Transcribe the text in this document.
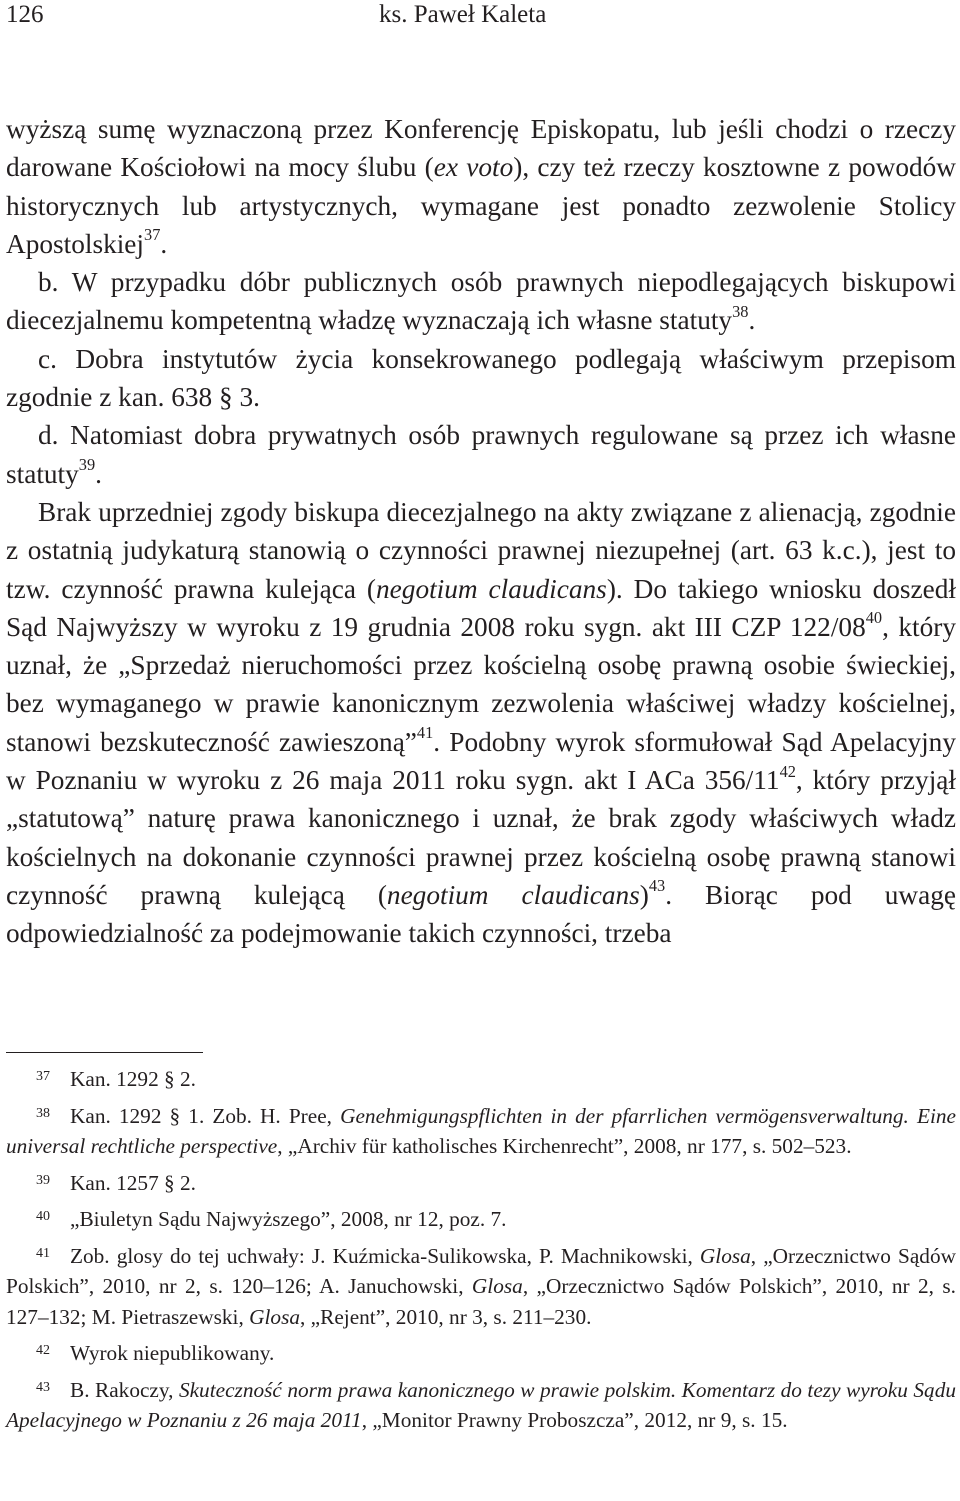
126	ks. Paweł Kaleta

wyższą sumę wyznaczoną przez Konferencję Episkopatu, lub jeśli chodzi o rzeczy darowane Kościołowi na mocy ślubu (ex voto), czy też rzeczy kosztowne z powodów historycznych lub artystycznych, wymagane jest ponadto zezwolenie Stolicy Apostolskiej$^{37}$.

b. W przypadku dóbr publicznych osób prawnych niepodlegających biskupowi diecezjalnemu kompetentną władzę wyznaczają ich własne statuty$^{38}$.

c. Dobra instytutów życia konsekrowanego podlegają właściwym przepisom zgodnie z kan. 638 § 3.

d. Natomiast dobra prywatnych osób prawnych regulowane są przez ich własne statuty$^{39}$.

Brak uprzedniej zgody biskupa diecezjalnego na akty związane z alienacją, zgodnie z ostatnią judykaturą stanowią o czynności prawnej niezupełnej (art. 63 k.c.), jest to tzw. czynność prawna kulejąca (negotium claudicans). Do takiego wniosku doszedł Sąd Najwyższy w wyroku z 19 grudnia 2008 roku sygn. akt III CZP $122/08^{40}$, który uznał, że „Sprzedaż nieruchomości przez kościelną osobę prawną osobie świeckiej, bez wymaganego w prawie kanonicznym zezwolenia właściwej władzy kościelnej, stanowi bezskuteczność zawieszoną”$^{41}$. Podobny wyrok sformułował Sąd Apelacyjny w Poznaniu w wyroku z 26 maja 2011 roku sygn. akt I ACa $356/11^{42}$, który przyjął „statutową” naturę prawa kanonicznego i uznał, że brak zgody właściwych władz kościelnych na dokonanie czynności prawnej przez kościelną osobę prawną stanowi czynność prawną kulejącą (negotium claudicans)$^{43}$. Biorąc pod uwagę odpowiedzialność za podejmowanie takich czynności, trzeba

37 Kan. 1292 § 2.

38 Kan. 1292 § 1. Zob. H. Pree, Genehmigungspflichten in der pfarrlichen vermögensverwaltung. Eine universal rechtliche perspective, „Archiv für katholisches Kirchenrecht”, 2008, nr 177, s. 502–523.

39 Kan. 1257 § 2.

40 „Biuletyn Sądu Najwyższego”, 2008, nr 12, poz. 7.

41 Zob. glosy do tej uchwały: J. Kuźmicka-Sulikowska, P. Machnikowski, Glosa, „Orzecznictwo Sądów Polskich”, 2010, nr 2, s. 120–126; A. Januchowski, Glosa, „Orzecznictwo Sądów Polskich”, 2010, nr 2, s. 127–132; M. Pietraszewski, Glosa, „Rejent”, 2010, nr 3, s. 211–230.

42 Wyrok niepublikowany.

43 B. Rakoczy, Skuteczność norm prawa kanonicznego w prawie polskim. Komentarz do tezy wyroku Sądu Apelacyjnego w Poznaniu z 26 maja 2011, „Monitor Prawny Proboszcza”, 2012, nr 9, s. 15.
